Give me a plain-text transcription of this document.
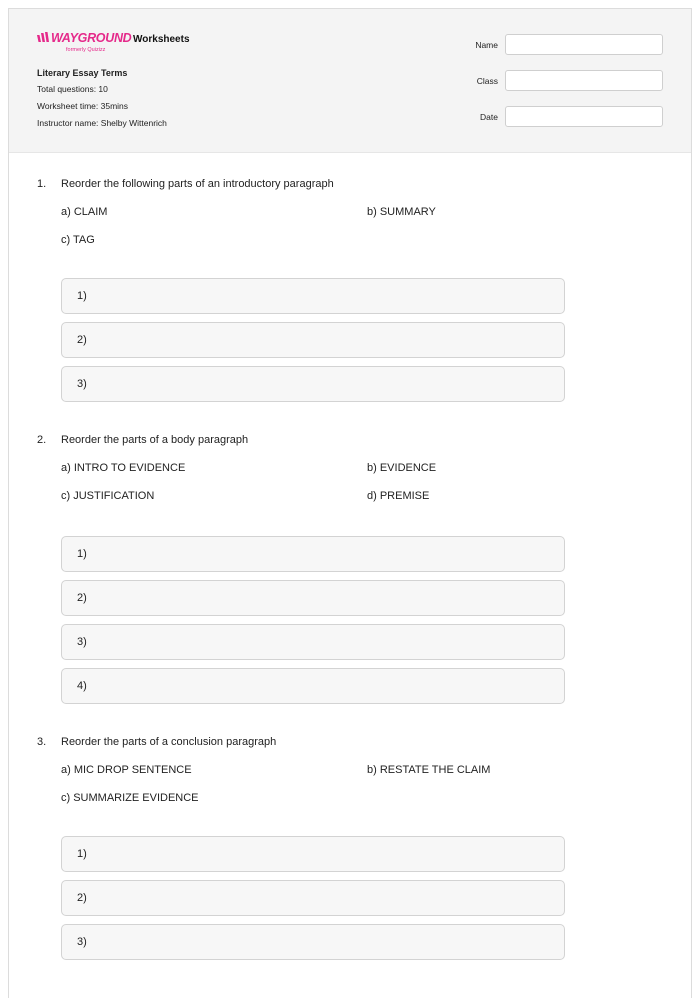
WAYGROUND
formerly Quizizz
Worksheets
Literary Essay Terms
Total questions: 10
Worksheet time: 35mins
Instructor name: Shelby Wittenrich
Name
Class
Date
1.	Reorder the following parts of an introductory paragraph
a) CLAIM	b) SUMMARY
c) TAG
1)
2)
3)
2.	Reorder the parts of a body paragraph
a) INTRO TO EVIDENCE	b) EVIDENCE
c) JUSTIFICATION	d) PREMISE
1)
2)
3)
4)
3.	Reorder the parts of a conclusion paragraph
a) MIC DROP SENTENCE	b) RESTATE THE CLAIM
c) SUMMARIZE EVIDENCE
1)
2)
3)
